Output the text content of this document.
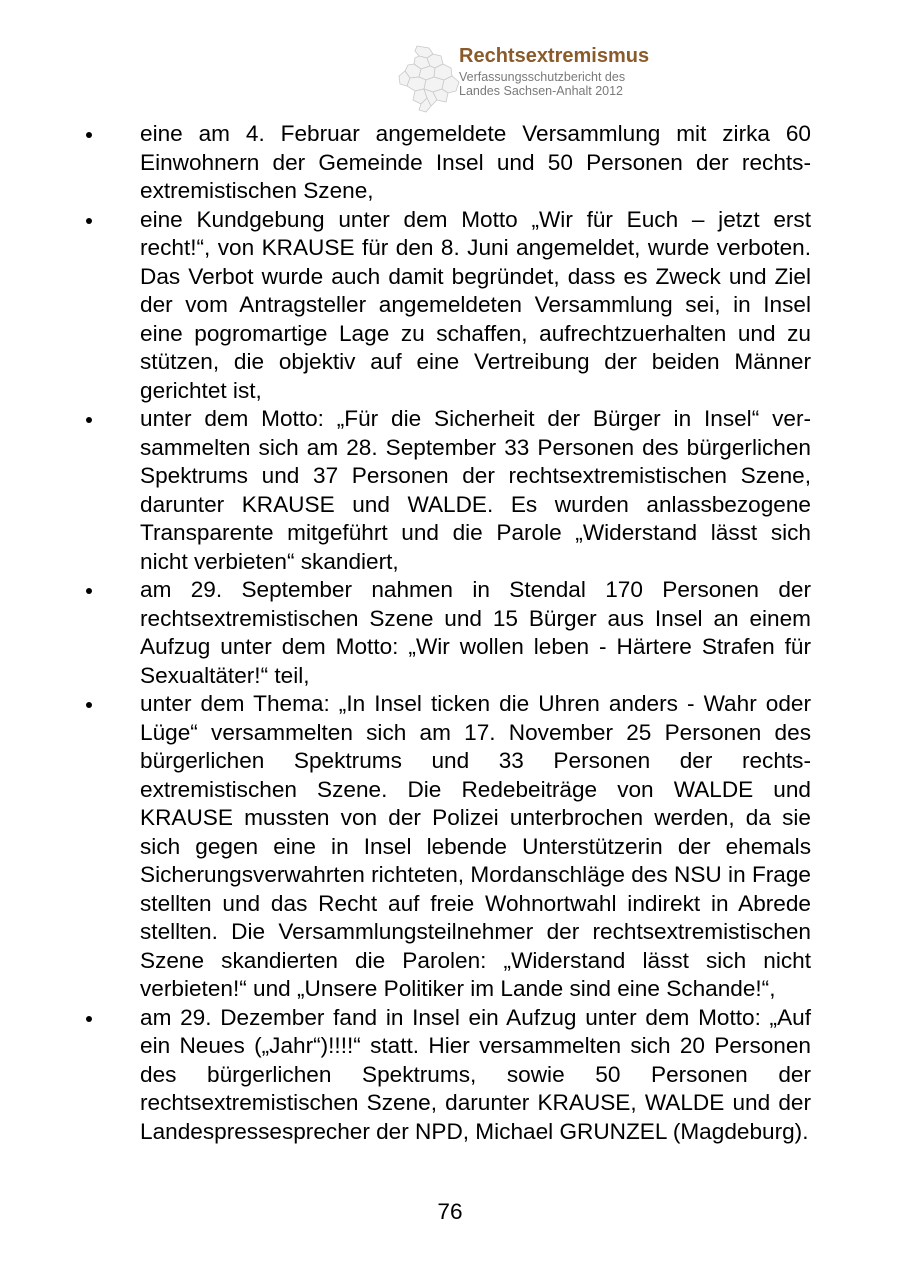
Rechtsextremismus
Verfassungsschutzbericht des
Landes Sachsen-Anhalt 2012
eine am 4. Februar angemeldete Versammlung mit zirka 60 Einwohnern der Gemeinde Insel und 50 Personen der rechtsextremistischen Szene,
eine Kundgebung unter dem Motto „Wir für Euch – jetzt erst recht!“, von KRAUSE für den 8. Juni angemeldet, wurde verboten. Das Verbot wurde auch damit begründet, dass es Zweck und Ziel der vom Antragsteller angemeldeten Versammlung sei, in Insel eine pogromartige Lage zu schaffen, aufrechtzuerhalten und zu stützen, die objektiv auf eine Vertreibung der beiden Männer gerichtet ist,
unter dem Motto: „Für die Sicherheit der Bürger in Insel“ versammelten sich am 28. September 33 Personen des bürgerlichen Spektrums und 37 Personen der rechtsextremistischen Szene, darunter KRAUSE und WALDE. Es wurden anlassbezogene Transparente mitgeführt und die Parole „Widerstand lässt sich nicht verbieten“ skandiert,
am 29. September nahmen in Stendal 170 Personen der rechtsextremistischen Szene und 15 Bürger aus Insel an einem Aufzug unter dem Motto: „Wir wollen leben - Härtere Strafen für Sexualtäter!“ teil,
unter dem Thema: „In Insel ticken die Uhren anders - Wahr oder Lüge“ versammelten sich am 17. November 25 Personen des bürgerlichen Spektrums und 33 Personen der rechts extremistischen Szene. Die Redebeiträge von WALDE und KRAUSE mussten von der Polizei unterbrochen werden, da sie sich gegen eine in Insel lebende Unterstützerin der ehemals Sicherungsverwahrten richteten, Mordanschläge des NSU in Frage stellten und das Recht auf freie Wohnortwahl indirekt in Abrede stellten. Die Versammlungsteilnehmer der rechtsextremistischen Szene skandierten die Parolen: „Widerstand lässt sich nicht verbieten!“ und „Unsere Politiker im Lande sind eine Schande!“,
am 29. Dezember fand in Insel ein Aufzug unter dem Motto: „Auf ein Neues („Jahr“)!!!!“ statt. Hier versammelten sich 20 Personen des bürgerlichen Spektrums, sowie 50 Personen der rechtsextremistischen Szene, darunter KRAUSE, WALDE und der Landespressesprecher der NPD, Michael GRUNZEL (Magdeburg).
76
